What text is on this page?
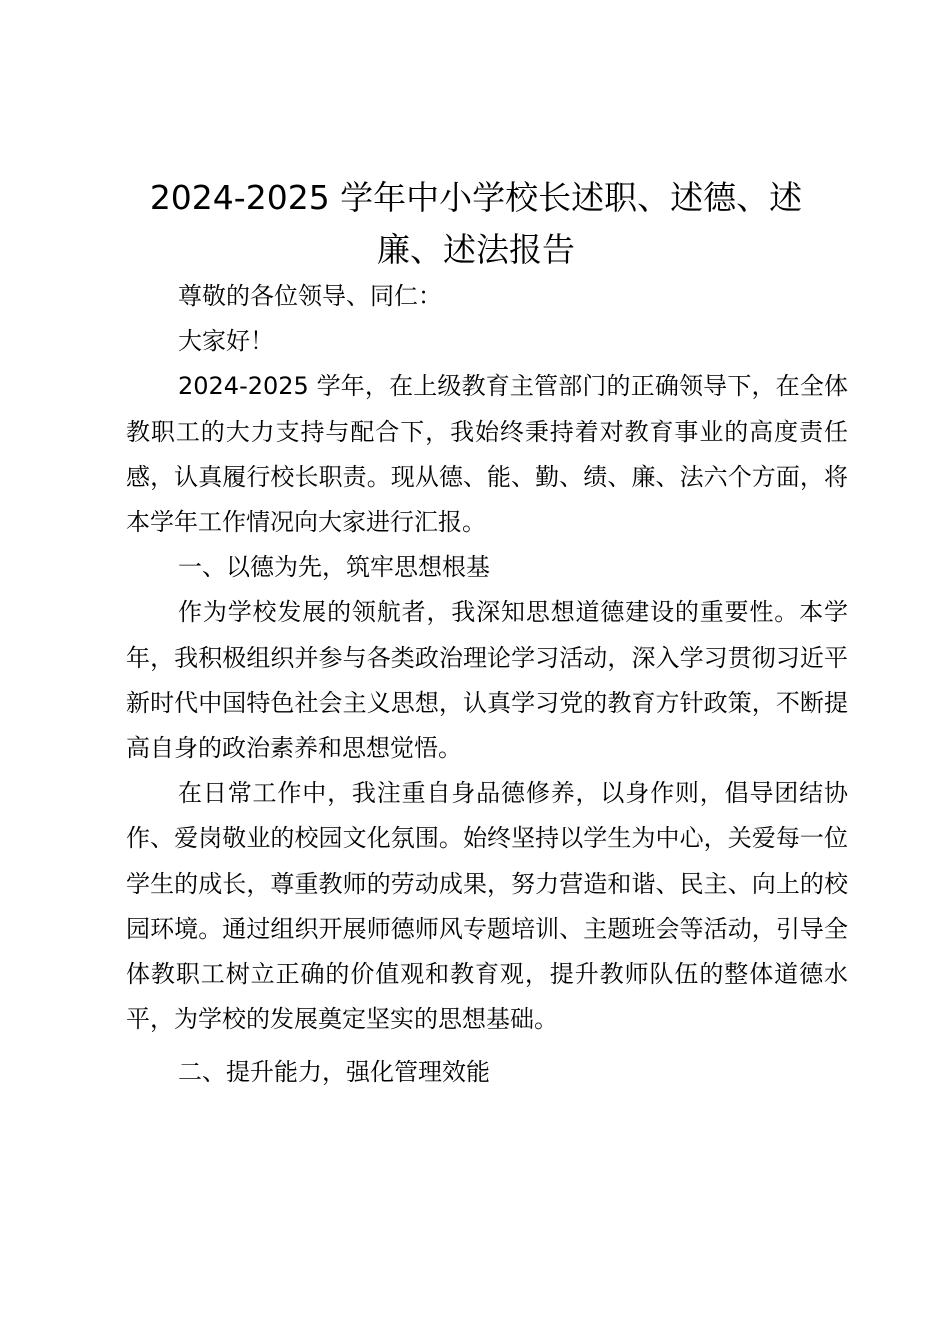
2024-2025 学年中小学校长述职、述德、述廉、述法报告

尊敬的各位领导、同仁：

大家好！

2024-2025 学年，在上级教育主管部门的正确领导下，在全体教职工的大力支持与配合下，我始终秉持着对教育事业的高度责任感，认真履行校长职责。现从德、能、勤、绩、廉、法六个方面，将本学年工作情况向大家进行汇报。

一、以德为先，筑牢思想根基

作为学校发展的领航者，我深知思想道德建设的重要性。本学年，我积极组织并参与各类政治理论学习活动，深入学习贯彻习近平新时代中国特色社会主义思想，认真学习党的教育方针政策，不断提高自身的政治素养和思想觉悟。

在日常工作中，我注重自身品德修养，以身作则，倡导团结协作、爱岗敬业的校园文化氛围。始终坚持以学生为中心，关爱每一位学生的成长，尊重教师的劳动成果，努力营造和谐、民主、向上的校园环境。通过组织开展师德师风专题培训、主题班会等活动，引导全体教职工树立正确的价值观和教育观，提升教师队伍的整体道德水平，为学校的发展奠定坚实的思想基础。

二、提升能力，强化管理效能
